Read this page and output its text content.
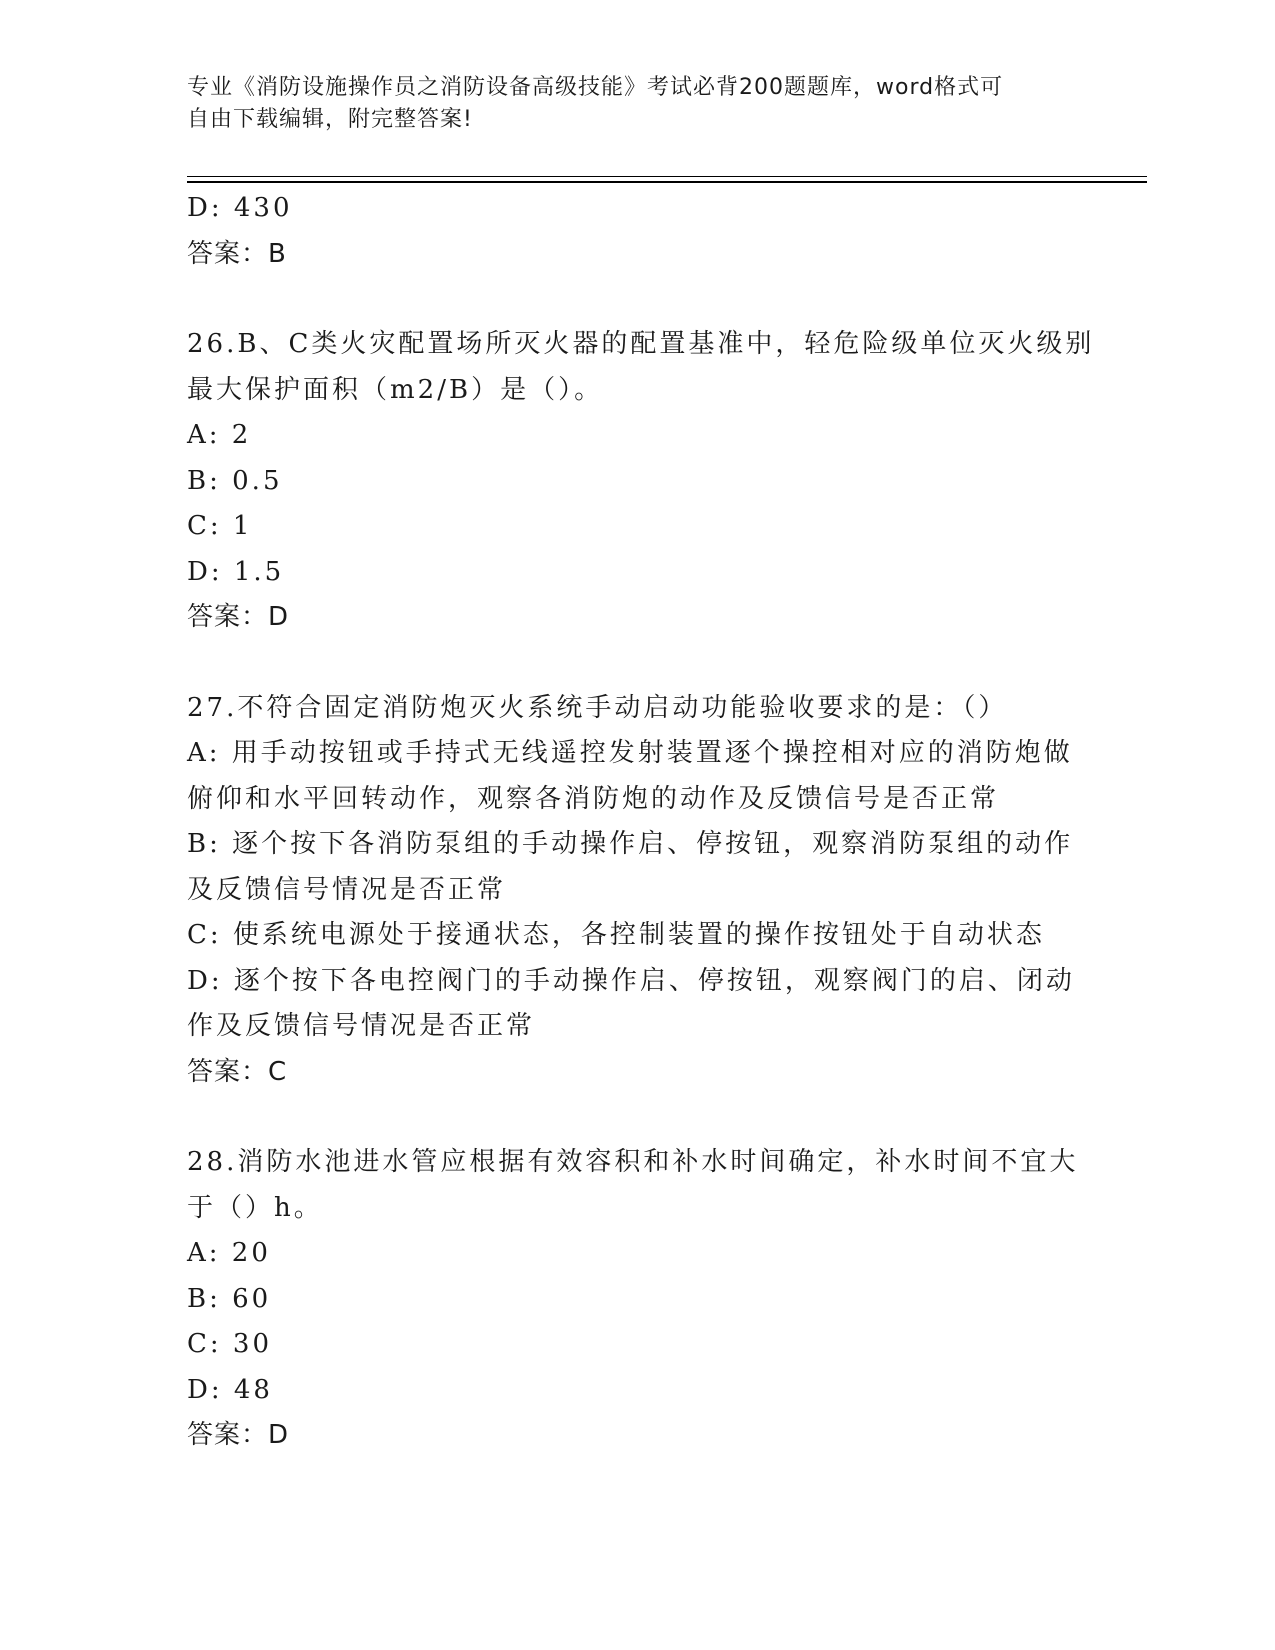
专业《消防设施操作员之消防设备高级技能》考试必背200题题库，word格式可
自由下载编辑，附完整答案!
D: 430
答案：B
26.B、C类火灾配置场所灭火器的配置基准中，轻危险级单位灭火级别
最大保护面积（m2/B）是（）。
A: 2
B: 0.5
C: 1
D: 1.5
答案：D
27.不符合固定消防炮灭火系统手动启动功能验收要求的是：（）
A: 用手动按钮或手持式无线遥控发射装置逐个操控相对应的消防炮做
俯仰和水平回转动作，观察各消防炮的动作及反馈信号是否正常
B: 逐个按下各消防泵组的手动操作启、停按钮，观察消防泵组的动作
及反馈信号情况是否正常
C: 使系统电源处于接通状态，各控制装置的操作按钮处于自动状态
D: 逐个按下各电控阀门的手动操作启、停按钮，观察阀门的启、闭动
作及反馈信号情况是否正常
答案：C
28.消防水池进水管应根据有效容积和补水时间确定，补水时间不宜大
于（）h。
A: 20
B: 60
C: 30
D: 48
答案：D
